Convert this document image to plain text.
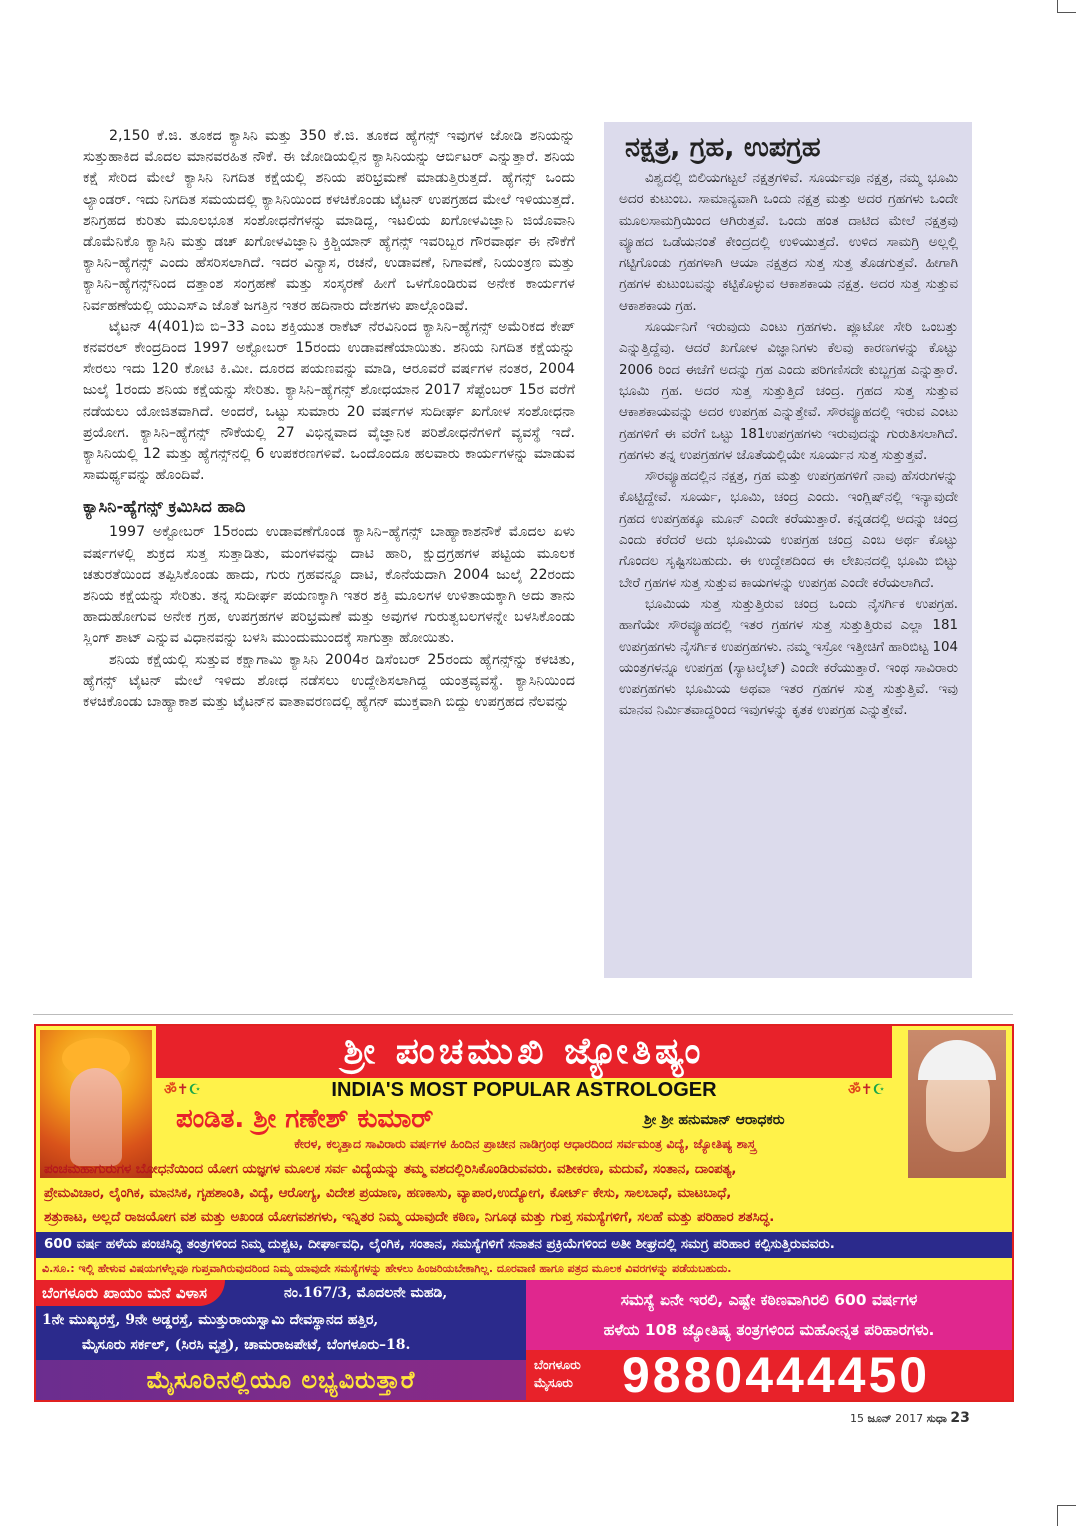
2,150 ಕೆ.ಜಿ. ತೂಕದ ಕ್ಯಾಸಿನಿ ಮತ್ತು 350 ಕೆ.ಜಿ. ತೂಕದ ಹ್ಯೆಗನ್ಸ್ ಇವುಗಳ ಜೋಡಿ ಶನಿಯನ್ನು ಸುತ್ತುಹಾಕಿದ ಮೊದಲ ಮಾನವರಹಿತ ನೌಕೆ. ಈ ಜೋಡಿಯಲ್ಲಿನ ಕ್ಯಾಸಿನಿಯನ್ನು ಆರ್ಬಿಟರ್ ಎನ್ನುತ್ತಾರೆ. ಶನಿಯ ಕಕ್ಷೆ ಸೇರಿದ ಮೇಲೆ ಕ್ಯಾಸಿನಿ ನಿಗದಿತ ಕಕ್ಷೆಯಲ್ಲಿ ಶನಿಯ ಪರಿಭ್ರಮಣೆ ಮಾಡುತ್ತಿರುತ್ತದೆ. ಹ್ಯೆಗನ್ಸ್ ಒಂದು ಲ್ಯಾಂಡರ್. ಇದು ನಿಗದಿತ ಸಮಯದಲ್ಲಿ ಕ್ಯಾಸಿನಿಯಿಂದ ಕಳಚಿಕೊಂಡು ಟೈಟನ್ ಉಪಗ್ರಹದ ಮೇಲೆ ಇಳಿಯುತ್ತದೆ. ಶನಿಗ್ರಹದ ಕುರಿತು ಮೂಲಭೂತ ಸಂಶೋಧನೆಗಳನ್ನು ಮಾಡಿದ್ದ, ಇಟಲಿಯ ಖಗೋಳವಿಜ್ಞಾನಿ ಜಿಯೊವಾನಿ ಡೊಮೆನಿಕೊ ಕ್ಯಾಸಿನಿ ಮತ್ತು ಡಚ್ ಖಗೋಳವಿಜ್ಞಾನಿ ಕ್ರಿಶ್ಚಿಯಾನ್ ಹ್ಯೆಗನ್ಸ್ ಇವರಿಬ್ಬರ ಗೌರವಾರ್ಥ ಈ ನೌಕೆಗೆ ಕ್ಯಾಸಿನಿ–ಹ್ಯೆಗನ್ಸ್ ಎಂದು ಹೆಸರಿಸಲಾಗಿದೆ. ಇದರ ವಿನ್ಯಾಸ, ರಚನೆ, ಉಡಾವಣೆ, ನಿಗಾವಣೆ, ನಿಯಂತ್ರಣ ಮತ್ತು ಕ್ಯಾಸಿನಿ–ಹ್ಯೆಗನ್ಸ್‌ನಿಂದ ದತ್ತಾಂಶ ಸಂಗ್ರಹಣೆ ಮತ್ತು ಸಂಸ್ಕರಣೆ ಹೀಗೆ ಒಳಗೊಂಡಿರುವ ಅನೇಕ ಕಾರ್ಯಗಳ ನಿರ್ವಹಣೆಯಲ್ಲಿ ಯುಎಸ್‌ಎ ಜೊತೆ ಜಗತ್ತಿನ ಇತರ ಹದಿನಾರು ದೇಶಗಳು ಪಾಲ್ಗೊಂಡಿವೆ.

ಟೈಟನ್ 4(401)ಬಿ ಬಿ–33 ಎಂಬ ಶಕ್ತಿಯುತ ರಾಕೆಟ್ ನೆರವಿನಿಂದ ಕ್ಯಾಸಿನಿ–ಹ್ಯೆಗನ್ಸ್ ಅಮೆರಿಕದ ಕೇಪ್ ಕನವರಲ್ ಕೇಂದ್ರದಿಂದ 1997 ಅಕ್ಟೋಬರ್ 15ರಂದು ಉಡಾವಣೆಯಾಯಿತು. ಶನಿಯ ನಿಗದಿತ ಕಕ್ಷೆಯನ್ನು ಸೇರಲು ಇದು 120 ಕೋಟಿ ಕಿ.ಮೀ. ದೂರದ ಪಯಣವನ್ನು ಮಾಡಿ, ಆರೂವರೆ ವರ್ಷಗಳ ನಂತರ, 2004 ಜುಲೈ 1ರಂದು ಶನಿಯ ಕಕ್ಷೆಯನ್ನು ಸೇರಿತು. ಕ್ಯಾಸಿನಿ–ಹ್ಯೆಗನ್ಸ್ ಶೋಧಯಾನ 2017 ಸೆಪ್ಟೆಂಬರ್ 15ರ ವರೆಗೆ ನಡೆಯಲು ಯೋಜಿತವಾಗಿದೆ. ಅಂದರೆ, ಒಟ್ಟು ಸುಮಾರು 20 ವರ್ಷಗಳ ಸುದೀರ್ಘ ಖಗೋಳ ಸಂಶೋಧನಾ ಪ್ರಯೋಗ. ಕ್ಯಾಸಿನಿ–ಹ್ಯೆಗನ್ಸ್ ನೌಕೆಯಲ್ಲಿ 27 ವಿಭಿನ್ನವಾದ ವೈಜ್ಞಾನಿಕ ಪರಿಶೋಧನೆಗಳಿಗೆ ವ್ಯವಸ್ಥೆ ಇದೆ. ಕ್ಯಾಸಿನಿಯಲ್ಲಿ 12 ಮತ್ತು ಹ್ಯೆಗನ್ಸ್‌ನಲ್ಲಿ 6 ಉಪಕರಣಗಳಿವೆ. ಒಂದೊಂದೂ ಹಲವಾರು ಕಾರ್ಯಗಳನ್ನು ಮಾಡುವ ಸಾಮರ್ಥ್ಯವನ್ನು ಹೊಂದಿವೆ.

ಕ್ಯಾಸಿನಿ-ಹ್ಯೆಗನ್ಸ್ ಕ್ರಮಿಸಿದ ಹಾದಿ

1997 ಅಕ್ಟೋಬರ್ 15ರಂದು ಉಡಾವಣೆಗೊಂಡ ಕ್ಯಾಸಿನಿ–ಹ್ಯೆಗನ್ಸ್ ಬಾಹ್ಯಾಕಾಶನೌಕೆ ಮೊದಲ ಏಳು ವರ್ಷಗಳಲ್ಲಿ ಶುಕ್ರದ ಸುತ್ತ ಸುತ್ತಾಡಿತು, ಮಂಗಳವನ್ನು ದಾಟಿ ಹಾರಿ, ಕ್ಷುದ್ರಗ್ರಹಗಳ ಪಟ್ಟಿಯ ಮೂಲಕ ಚತುರತೆಯಿಂದ ತಪ್ಪಿಸಿಕೊಂಡು ಹಾದು, ಗುರು ಗ್ರಹವನ್ನೂ ದಾಟಿ, ಕೊನೆಯದಾಗಿ 2004 ಜುಲೈ 22ರಂದು ಶನಿಯ ಕಕ್ಷೆಯನ್ನು ಸೇರಿತು. ತನ್ನ ಸುದೀರ್ಘ ಪಯಣಕ್ಕಾಗಿ ಇತರ ಶಕ್ತಿ ಮೂಲಗಳ ಉಳಿತಾಯಕ್ಕಾಗಿ ಅದು ತಾನು ಹಾದುಹೋಗುವ ಅನೇಕ ಗ್ರಹ, ಉಪಗ್ರಹಗಳ ಪರಿಭ್ರಮಣೆ ಮತ್ತು ಅವುಗಳ ಗುರುತ್ವಬಲಗಳನ್ನೇ ಬಳಸಿಕೊಂಡು ಸ್ಲಿಂಗ್ ಶಾಟ್ ಎನ್ನುವ ವಿಧಾನವನ್ನು ಬಳಸಿ ಮುಂದುಮುಂದಕ್ಕೆ ಸಾಗುತ್ತಾ ಹೋಯಿತು.

ಶನಿಯ ಕಕ್ಷೆಯಲ್ಲಿ ಸುತ್ತುವ ಕಕ್ಷಾಗಾಮಿ ಕ್ಯಾಸಿನಿ 2004ರ ಡಿಸೆಂಬರ್ 25ರಂದು ಹ್ಯೆಗನ್ಸ್‌ನ್ನು ಕಳಚಿತು, ಹ್ಯೆಗನ್ಸ್ ಟೈಟನ್ ಮೇಲೆ ಇಳಿದು ಶೋಧ ನಡೆಸಲು ಉದ್ದೇಶಿಸಲಾಗಿದ್ದ ಯಂತ್ರವ್ಯವಸ್ಥೆ. ಕ್ಯಾಸಿನಿಯಿಂದ ಕಳಚಿಕೊಂಡು ಬಾಹ್ಯಾಕಾಶ ಮತ್ತು ಟೈಟನ್‌ನ ವಾತಾವರಣದಲ್ಲಿ ಹ್ಯೆಗನ್ ಮುಕ್ತವಾಗಿ ಬಿದ್ದು ಉಪಗ್ರಹದ ನೆಲವನ್ನು

ನಕ್ಷತ್ರ, ಗ್ರಹ, ಉಪಗ್ರಹ

ವಿಶ್ವದಲ್ಲಿ ಬಿಲಿಯಗಟ್ಟಲೆ ನಕ್ಷತ್ರಗಳಿವೆ. ಸೂರ್ಯವೂ ನಕ್ಷತ್ರ, ನಮ್ಮ ಭೂಮಿ ಅದರ ಕುಟುಂಬ. ಸಾಮಾನ್ಯವಾಗಿ ಒಂದು ನಕ್ಷತ್ರ ಮತ್ತು ಅದರ ಗ್ರಹಗಳು ಒಂದೇ ಮೂಲಸಾಮಗ್ರಿಯಿಂದ ಆಗಿರುತ್ತವೆ. ಒಂದು ಹಂತ ದಾಟಿದ ಮೇಲೆ ನಕ್ಷತ್ರವು ವ್ಯೂಹದ ಒಡೆಯನಂತೆ ಕೇಂದ್ರದಲ್ಲಿ ಉಳಿಯುತ್ತದೆ. ಉಳಿದ ಸಾಮಗ್ರಿ ಅಲ್ಲಲ್ಲಿ ಗಟ್ಟಿಗೊಂಡು ಗ್ರಹಗಳಾಗಿ ಆಯಾ ನಕ್ಷತ್ರದ ಸುತ್ತ ಸುತ್ತ ತೊಡಗುತ್ತವೆ. ಹೀಗಾಗಿ ಗ್ರಹಗಳ ಕುಟುಂಬವನ್ನು ಕಟ್ಟಿಕೊಳ್ಳುವ ಆಕಾಶಕಾಯ ನಕ್ಷತ್ರ. ಅದರ ಸುತ್ತ ಸುತ್ತುವ ಆಕಾಶಕಾಯ ಗ್ರಹ.

ಸೂರ್ಯನಿಗೆ ಇರುವುದು ಎಂಟು ಗ್ರಹಗಳು. ಪ್ಲೂಟೋ ಸೇರಿ ಒಂಬತ್ತು ಎನ್ನುತ್ತಿದ್ದೆವು. ಆದರೆ ಖಗೋಳ ವಿಜ್ಞಾನಿಗಳು ಕೆಲವು ಕಾರಣಗಳನ್ನು ಕೊಟ್ಟು 2006 ರಿಂದ ಈಚೆಗೆ ಅದನ್ನು ಗ್ರಹ ಎಂದು ಪರಿಗಣಿಸದೇ ಕುಬ್ಜಗ್ರಹ ಎನ್ನುತ್ತಾರೆ. ಭೂಮಿ ಗ್ರಹ. ಅದರ ಸುತ್ತ ಸುತ್ತುತ್ತಿದೆ ಚಂದ್ರ. ಗ್ರಹದ ಸುತ್ತ ಸುತ್ತುವ ಆಕಾಶಕಾಯವನ್ನು ಅದರ ಉಪಗ್ರಹ ಎನ್ನುತ್ತೇವೆ. ಸೌರವ್ಯೂಹದಲ್ಲಿ ಇರುವ ಎಂಟು ಗ್ರಹಗಳಿಗೆ ಈ ವರೆಗೆ ಒಟ್ಟು 181ಉಪಗ್ರಹಗಳು ಇರುವುದನ್ನು ಗುರುತಿಸಲಾಗಿದೆ. ಗ್ರಹಗಳು ತನ್ನ ಉಪಗ್ರಹಗಳ ಜೊತೆಯಲ್ಲಿಯೇ ಸೂರ್ಯನ ಸುತ್ತ ಸುತ್ತುತ್ತವೆ.

ಸೌರವ್ಯೂಹದಲ್ಲಿನ ನಕ್ಷತ್ರ, ಗ್ರಹ ಮತ್ತು ಉಪಗ್ರಹಗಳಿಗೆ ನಾವು ಹೆಸರುಗಳನ್ನು ಕೊಟ್ಟಿದ್ದೇವೆ. ಸೂರ್ಯ, ಭೂಮಿ, ಚಂದ್ರ ಎಂದು. ಇಂಗ್ಲಿಷ್‌ನಲ್ಲಿ ಇನ್ಯಾವುದೇ ಗ್ರಹದ ಉಪಗ್ರಹಕ್ಕೂ ಮೂನ್ ಎಂದೇ ಕರೆಯುತ್ತಾರೆ. ಕನ್ನಡದಲ್ಲಿ ಅದನ್ನು ಚಂದ್ರ ಎಂದು ಕರೆದರೆ ಅದು ಭೂಮಿಯ ಉಪಗ್ರಹ ಚಂದ್ರ ಎಂಬ ಅರ್ಥ ಕೊಟ್ಟು ಗೊಂದಲ ಸೃಷ್ಟಿಸಬಹುದು. ಈ ಉದ್ದೇಶದಿಂದ ಈ ಲೇಖನದಲ್ಲಿ ಭೂಮಿ ಬಿಟ್ಟು ಬೇರೆ ಗ್ರಹಗಳ ಸುತ್ತ ಸುತ್ತುವ ಕಾಯಗಳನ್ನು ಉಪಗ್ರಹ ಎಂದೇ ಕರೆಯಲಾಗಿದೆ.

ಭೂಮಿಯ ಸುತ್ತ ಸುತ್ತುತ್ತಿರುವ ಚಂದ್ರ ಒಂದು ನೈಸರ್ಗಿಕ ಉಪಗ್ರಹ. ಹಾಗೆಯೇ ಸೌರವ್ಯೂಹದಲ್ಲಿ ಇತರ ಗ್ರಹಗಳ ಸುತ್ತ ಸುತ್ತುತ್ತಿರುವ ಎಲ್ಲಾ 181 ಉಪಗ್ರಹಗಳು ನೈಸರ್ಗಿಕ ಉಪಗ್ರಹಗಳು. ನಮ್ಮ ಇಸ್ರೋ ಇತ್ತೀಚಿಗೆ ಹಾರಿಬಿಟ್ಟ 104 ಯಂತ್ರಗಳನ್ನೂ ಉಪಗ್ರಹ (ಸ್ಯಾಟಲೈಟ್) ಎಂದೇ ಕರೆಯುತ್ತಾರೆ. ಇಂಥ ಸಾವಿರಾರು ಉಪಗ್ರಹಗಳು ಭೂಮಿಯ ಅಥವಾ ಇತರ ಗ್ರಹಗಳ ಸುತ್ತ ಸುತ್ತುತ್ತಿವೆ. ಇವು ಮಾನವ ನಿರ್ಮಿತವಾದ್ದರಿಂದ ಇವುಗಳನ್ನು ಕೃತಕ ಉಪಗ್ರಹ ಎನ್ನುತ್ತೇವೆ.

ಶ್ರೀ ಪಂಚಮುಖಿ ಜ್ಯೋತಿಷ್ಯಂ
ॐ✝☪	INDIA'S MOST POPULAR ASTROLOGER	ॐ✝☪
ಪಂಡಿತ. ಶ್ರೀ ಗಣೇಶ್ ಕುಮಾರ್	ಶ್ರೀ ಶ್ರೀ ಹನುಮಾನ್ ಆರಾಧಕರು
ಕೇರಳ, ಕಲ್ಕತ್ತಾದ ಸಾವಿರಾರು ವರ್ಷಗಳ ಹಿಂದಿನ ಪ್ರಾಚೀನ ನಾಡಿಗ್ರಂಥ ಆಧಾರದಿಂದ ಸರ್ವಮಂತ್ರ ವಿದ್ಯೆ, ಜ್ಯೋತಿಷ್ಯ ಶಾಸ್ತ್ರ
ಪಂಚಮಹಾಗುರುಗಳ ಬೋಧನೆಯಿಂದ ಯೋಗ ಯಜ್ಞಗಳ ಮೂಲಕ ಸರ್ವ ವಿದ್ಯೆಯನ್ನು ತಮ್ಮ ವಶದಲ್ಲಿರಿಸಿಕೊಂಡಿರುವವರು. ವಶೀಕರಣ, ಮದುವೆ, ಸಂತಾನ, ದಾಂಪತ್ಯ,
ಪ್ರೇಮವಿಚಾರ, ಲೈಂಗಿಕ, ಮಾನಸಿಕ, ಗೃಹಶಾಂತಿ, ವಿದ್ಯೆ, ಆರೋಗ್ಯ, ವಿದೇಶ ಪ್ರಯಾಣ, ಹಣಕಾಸು, ವ್ಯಾಪಾರ,ಉದ್ಯೋಗ, ಕೋರ್ಟ್ ಕೇಸು, ಸಾಲಬಾಧೆ, ಮಾಟಬಾಧೆ,
ಶತ್ರುಕಾಟ, ಅಲ್ಲದೆ ರಾಜಯೋಗ ವಶ ಮತ್ತು ಅಖಂಡ ಯೋಗವಶಗಳು, ಇನ್ನಿತರ ನಿಮ್ಮ ಯಾವುದೇ ಕಠಿಣ, ನಿಗೂಢ ಮತ್ತು ಗುಪ್ತ ಸಮಸ್ಯೆಗಳಿಗೆ, ಸಲಹೆ ಮತ್ತು ಪರಿಹಾರ ಶತಸಿದ್ಧ.
600 ವರ್ಷ ಹಳೆಯ ಪಂಚಸಿದ್ಧಿ ತಂತ್ರಗಳಿಂದ ನಿಮ್ಮ ದುಶ್ಚಟ, ದೀರ್ಘಾವಧಿ, ಲೈಂಗಿಕ, ಸಂತಾನ, ಸಮಸ್ಯೆಗಳಿಗೆ ಸನಾತನ ಪ್ರಕ್ರಿಯೆಗಳಿಂದ ಅತೀ ಶೀಘ್ರದಲ್ಲಿ ಸಮಗ್ರ ಪರಿಹಾರ ಕಲ್ಪಿಸುತ್ತಿರುವವರು.
ವಿ.ಸೂ.: ಇಲ್ಲಿ ಹೇಳುವ ವಿಷಯಗಳೆಲ್ಲವೂ ಗುಪ್ತವಾಗಿರುವುದರಿಂದ ನಿಮ್ಮ ಯಾವುದೇ ಸಮಸ್ಯೆಗಳನ್ನು ಹೇಳಲು ಹಿಂಜರಿಯಬೇಕಾಗಿಲ್ಲ. ದೂರವಾಣಿ ಹಾಗೂ ಪತ್ರದ ಮೂಲಕ ವಿವರಗಳನ್ನು ಪಡೆಯಬಹುದು.
ಬೆಂಗಳೂರು ಖಾಯಂ ಮನೆ ವಿಳಾಸ	ನಂ.167/3, ಮೊದಲನೇ ಮಹಡಿ,
1ನೇ ಮುಖ್ಯರಸ್ತೆ, 9ನೇ ಅಡ್ಡರಸ್ತೆ, ಮುತ್ತುರಾಯಸ್ವಾಮಿ ದೇವಸ್ಥಾನದ ಹತ್ತಿರ,
ಮೈಸೂರು ಸರ್ಕಲ್, (ಸಿರಸಿ ವೃತ್ತ), ಚಾಮರಾಜಪೇಟೆ, ಬೆಂಗಳೂರು–18.
ಮೈಸೂರಿನಲ್ಲಿಯೂ ಲಭ್ಯವಿರುತ್ತಾರೆ
ಸಮಸ್ಯೆ ಏನೇ ಇರಲಿ, ಎಷ್ಟೇ ಕಠಿಣವಾಗಿರಲಿ 600 ವರ್ಷಗಳ
ಹಳೆಯ 108 ಜ್ಯೋತಿಷ್ಯ ತಂತ್ರಗಳಿಂದ ಮಹೋನ್ನತ ಪರಿಹಾರಗಳು.
ಬೆಂಗಳೂರು
ಮೈಸೂರು 9880444450
15 ಜೂನ್ 2017 ಸುಧಾ 23
